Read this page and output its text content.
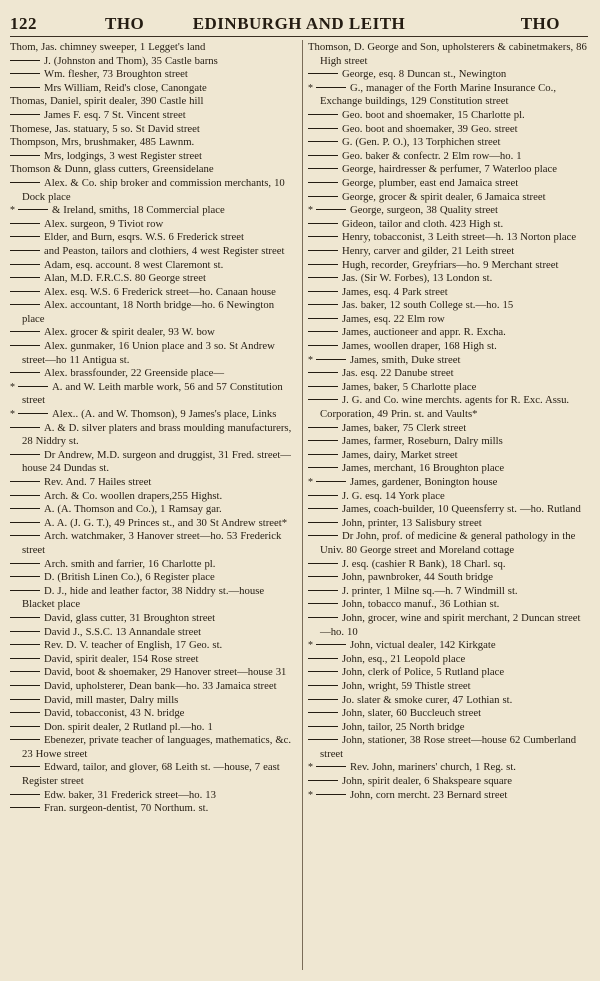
122	THO	EDINBURGH AND LEITH	THO
Thom, Jas. chimney sweeper, 1 Legget's land
J. (Johnston and Thom), 35 Castle barns
Wm. flesher, 73 Broughton street
Mrs William, Reid's close, Canongate
Thomas, Daniel, spirit dealer, 390 Castle hill
James F. esq. 7 St. Vincent street
Thomese, Jas. statuary, 5 so. St David street
Thompson, Mrs, brushmaker, 485 Lawnm.
Mrs, lodgings, 3 west Register street
Thomson & Dunn, glass cutters, Greensidelane
Alex. & Co. ship broker and commission merchants, 10 Dock place
*	& Ireland, smiths, 18 Commercial place
Alex. surgeon, 9 Tiviot row
Elder, and Burn, esqrs. W.S. 6 Frederick street
and Peaston, tailors and clothiers, 4 west Register street
Adam, esq. account. 8 west Claremont st.
Alan, M.D. F.R.C.S. 80 George street
Alex. esq. W.S. 6 Frederick street—ho. Canaan house
Alex. accountant, 18 North bridge—ho. 6 Newington place
Alex. grocer & spirit dealer, 93 W. bow
Alex. gunmaker, 16 Union place and 3 so. St Andrew street—ho 11 Antigua st.
Alex. brassfounder, 22 Greenside place—
*	A. and W. Leith marble work, 56 and 57 Constitution street
*	Alex.. (A. and W. Thomson), 9 James's place, Links
A. & D. silver platers and brass moulding manufacturers, 28 Niddry st.
Dr Andrew, M.D. surgeon and druggist, 31 Fred. street—house 24 Dundas st.
Rev. And. 7 Hailes street
Arch. & Co. woollen drapers,255 Highst.
A. (A. Thomson and Co.), 1 Ramsay gar.
A. A. (J. G. T.), 49 Princes st., and 30 St Andrew street*
Arch. watchmaker, 3 Hanover street—ho. 53 Frederick street
Arch. smith and farrier, 16 Charlotte pl.
D. (British Linen Co.), 6 Register place
D. J., hide and leather factor, 38 Niddry st.—house Blacket place
David, glass cutter, 31 Broughton street
David J., S.S.C. 13 Annandale street
Rev. D. V. teacher of English, 17 Geo. st.
David, spirit dealer, 154 Rose street
David, boot & shoemaker, 29 Hanover street—house 31
David, upholsterer, Dean bank—ho. 33 Jamaica street
David, mill master, Dalry mills
David, tobacconist, 43 N. bridge
Don. spirit dealer, 2 Rutland pl.—ho. 1
Ebenezer, private teacher of languages, mathematics, &c. 23 Howe street
Edward, tailor, and glover, 68 Leith st. —house, 7 east Register street
Edw. baker, 31 Frederick street—ho. 13
Fran. surgeon-dentist, 70 Northum. st.
Thomson, D. George and Son, upholsterers & cabinetmakers, 86 High street
George, esq. 8 Duncan st., Newington
*	G., manager of the Forth Marine Insurance Co., Exchange buildings, 129 Constitution street
Geo. boot and shoemaker, 15 Charlotte pl.
Geo. boot and shoemaker, 39 Geo. street
G. (Gen. P. O.), 13 Torphichen street
Geo. baker & confectr. 2 Elm row—ho. 1
George, hairdresser & perfumer, 7 Waterloo place
George, plumber, east end Jamaica street
George, grocer & spirit dealer, 6 Jamaica street
*	George, surgeon, 38 Quality street
Gideon, tailor and cloth. 423 High st.
Henry, tobacconist, 3 Leith street—h. 13 Norton place
Henry, carver and gilder, 21 Leith street
Hugh, recorder, Greyfriars—ho. 9 Merchant street
Jas. (Sir W. Forbes), 13 London st.
James, esq. 4 Park street
Jas. baker, 12 south College st.—ho. 15
James, esq. 22 Elm row
James, auctioneer and appr. R. Excha.
James, woollen draper, 168 High st.
*	James, smith, Duke street
Jas. esq. 22 Danube street
James, baker, 5 Charlotte place
J. G. and Co. wine merchts. agents for R. Exc. Assu. Corporation, 49 Prin. st. and Vaults*
James, baker, 75 Clerk street
James, farmer, Roseburn, Dalry mills
James, dairy, Market street
James, merchant, 16 Broughton place
*	James, gardener, Bonington house
J. G. esq. 14 York place
James, coach-builder, 10 Queensferry st. —ho. Rutland
John, printer, 13 Salisbury street
Dr John, prof. of medicine & general pathology in the Univ. 80 George street and Moreland cottage
J. esq. (cashier R Bank), 18 Charl. sq.
John, pawnbroker, 44 South bridge
J. printer, 1 Milne sq.—h. 7 Windmill st.
John, tobacco manuf., 36 Lothian st.
John, grocer, wine and spirit merchant, 2 Duncan street—ho. 10
*	John, victual dealer, 142 Kirkgate
John, esq., 21 Leopold place
John, clerk of Police, 5 Rutland place
John, wright, 59 Thistle street
Jo. slater & smoke curer, 47 Lothian st.
John, slater, 60 Buccleuch street
John, tailor, 25 North bridge
John, stationer, 38 Rose street—house 62 Cumberland street
*	Rev. John, mariners' church, 1 Reg. st.
John, spirit dealer, 6 Shakspeare square
*	John, corn mercht. 23 Bernard street
